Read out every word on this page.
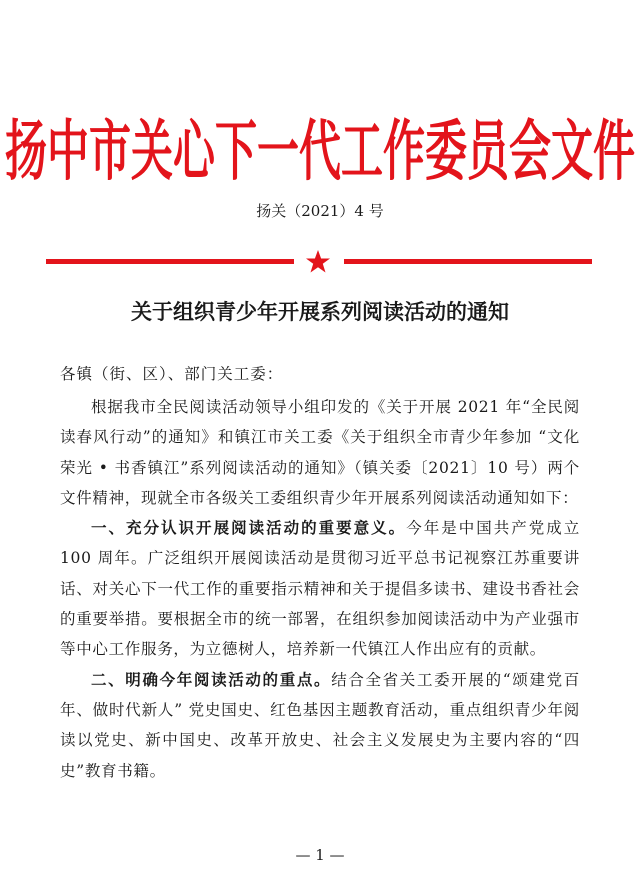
扬中市关心下一代工作委员会文件
扬关（2021）4 号
关于组织青少年开展系列阅读活动的通知
各镇（街、区）、部门关工委：

根据我市全民阅读活动领导小组印发的《关于开展 2021 年“全民阅读春风行动”的通知》和镇江市关工委《关于组织全市青少年参加 “文化荣光 • 书香镇江”系列阅读活动的通知》（镇关委〔2021〕10 号）两个文件精神，现就全市各级关工委组织青少年开展系列阅读活动通知如下：

一、充分认识开展阅读活动的重要意义。今年是中国共产党成立 100 周年。广泛组织开展阅读活动是贯彻习近平总书记视察江苏重要讲话、对关心下一代工作的重要指示精神和关于提倡多读书、建设书香社会的重要举措。要根据全市的统一部署，在组织参加阅读活动中为产业强市等中心工作服务，为立德树人，培养新一代镇江人作出应有的贡献。

二、明确今年阅读活动的重点。结合全省关工委开展的“颂建党百年、做时代新人” 党史国史、红色基因主题教育活动，重点组织青少年阅读以党史、新中国史、改革开放史、社会主义发展史为主要内容的“四史”教育书籍。

— 1 —
